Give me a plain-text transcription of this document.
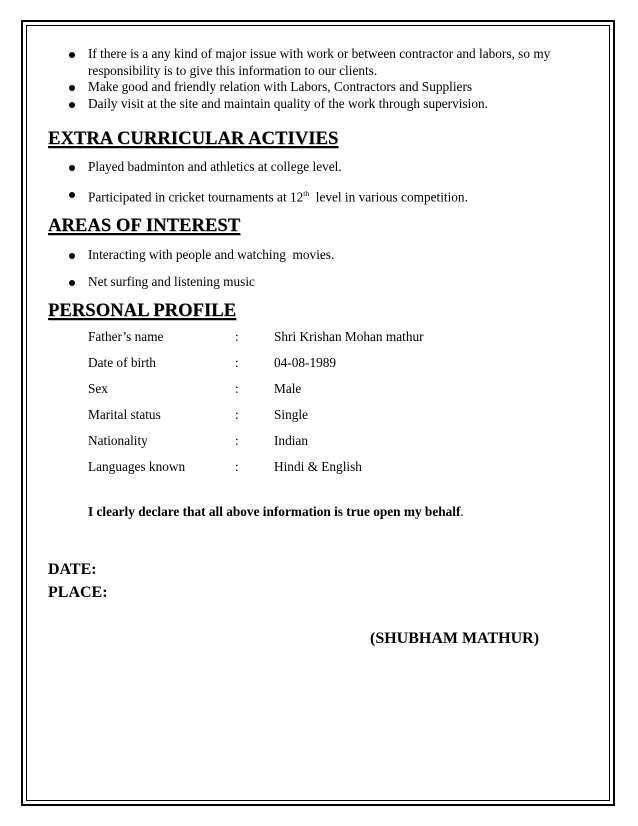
If there is a any kind of major issue with work or between contractor and labors, so my responsibility is to give this information to our clients.
Make good and friendly relation with Labors, Contractors and Suppliers
Daily visit at the site and maintain quality of the work through supervision.
EXTRA CURRICULAR ACTIVIES
Played badminton and athletics at college level.
Participated in cricket tournaments at 12th  level in various competition.
AREAS OF INTEREST
Interacting with people and watching  movies.
Net surfing and listening music
PERSONAL PROFILE
Father’s name	:	Shri Krishan Mohan mathur
Date of birth	:	04-08-1989
Sex	:	Male
Marital status	:	Single
Nationality	:	Indian
Languages known	:	Hindi & English
I clearly declare that all above information is true open my behalf.

DATE:

PLACE:

(SHUBHAM MATHUR)
